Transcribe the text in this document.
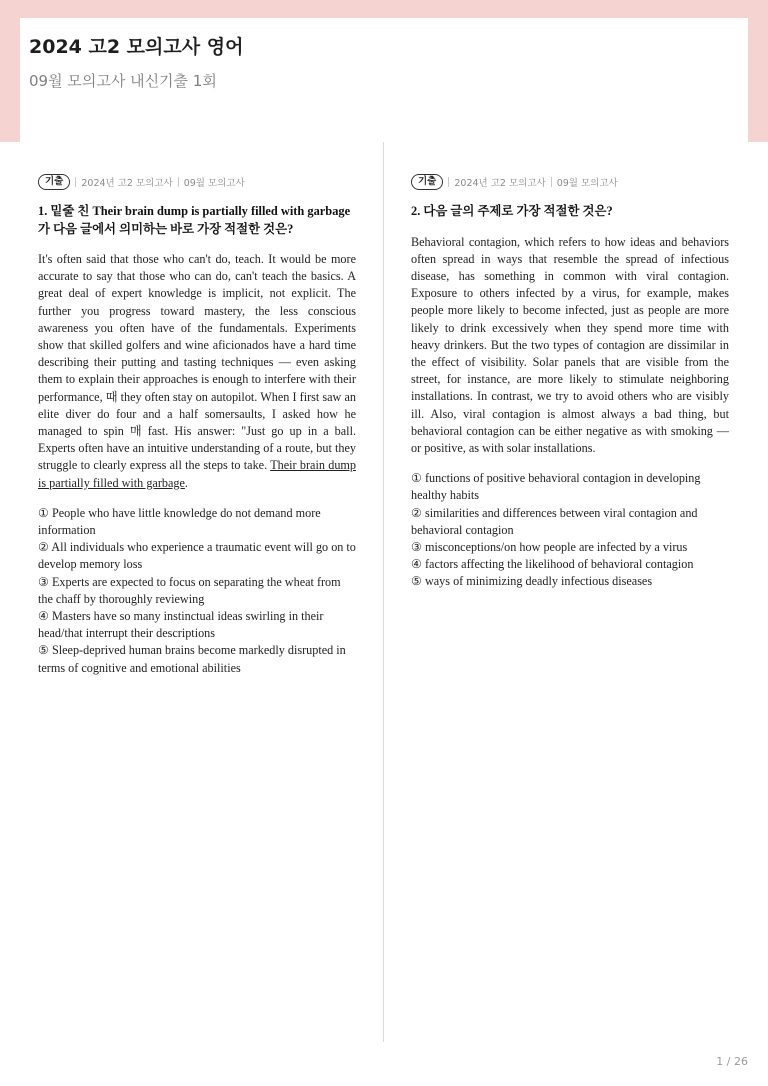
2024 고2 모의고사 영어
09월 모의고사 내신기출 1회
기출	2024년 고2 모의고사 09월 모의고사
1. 밑줄 친 Their brain dump is partially filled with garbage 가 다음 글에서 의미하는 바로 가장 적절한 것은?
It's often said that those who can't do, teach. It would be more accurate to say that those who can do, can't teach the basics. A great deal of expert knowledge is implicit, not explicit. The further you progress toward mastery, the less conscious awareness you often have of the fundamentals. Experiments show that skilled golfers and wine aficionados have a hard time describing their putting and tasting techniques — even asking them to explain their approaches is enough to interfere with their performance, 때 they often stay on autopilot. When I first saw an elite diver do four and a half somersaults, I asked how he managed to spin 매 fast. His answer: "Just go up in a ball. Experts often have an intuitive understanding of a route, but they struggle to clearly express all the steps to take. Their brain dump is partially filled with garbage.
① People who have little knowledge do not demand more information
② All individuals who experience a traumatic event will go on to develop memory loss
③ Experts are expected to focus on separating the wheat from the chaff by thoroughly reviewing
④ Masters have so many instinctual ideas swirling in their head/that interrupt their descriptions
⑤ Sleep-deprived human brains become markedly disrupted in terms of cognitive and emotional abilities
기출	2024년 고2 모의고사 09월 모의고사
2. 다음 글의 주제로 가장 적절한 것은?
Behavioral contagion, which refers to how ideas and behaviors often spread in ways that resemble the spread of infectious disease, has something in common with viral contagion. Exposure to others infected by a virus, for example, makes people more likely to become infected, just as people are more likely to drink excessively when they spend more time with heavy drinkers. But the two types of contagion are dissimilar in the effect of visibility. Solar panels that are visible from the street, for instance, are more likely to stimulate neighboring installations. In contrast, we try to avoid others who are visibly ill. Also, viral contagion is almost always a bad thing, but behavioral contagion can be either negative as with smoking — or positive, as with solar installations.
① functions of positive behavioral contagion in developing healthy habits
② similarities and differences between viral contagion and behavioral contagion
③ misconceptions/on how people are infected by a virus
④ factors affecting the likelihood of behavioral contagion
⑤ ways of minimizing deadly infectious diseases
1 / 26
